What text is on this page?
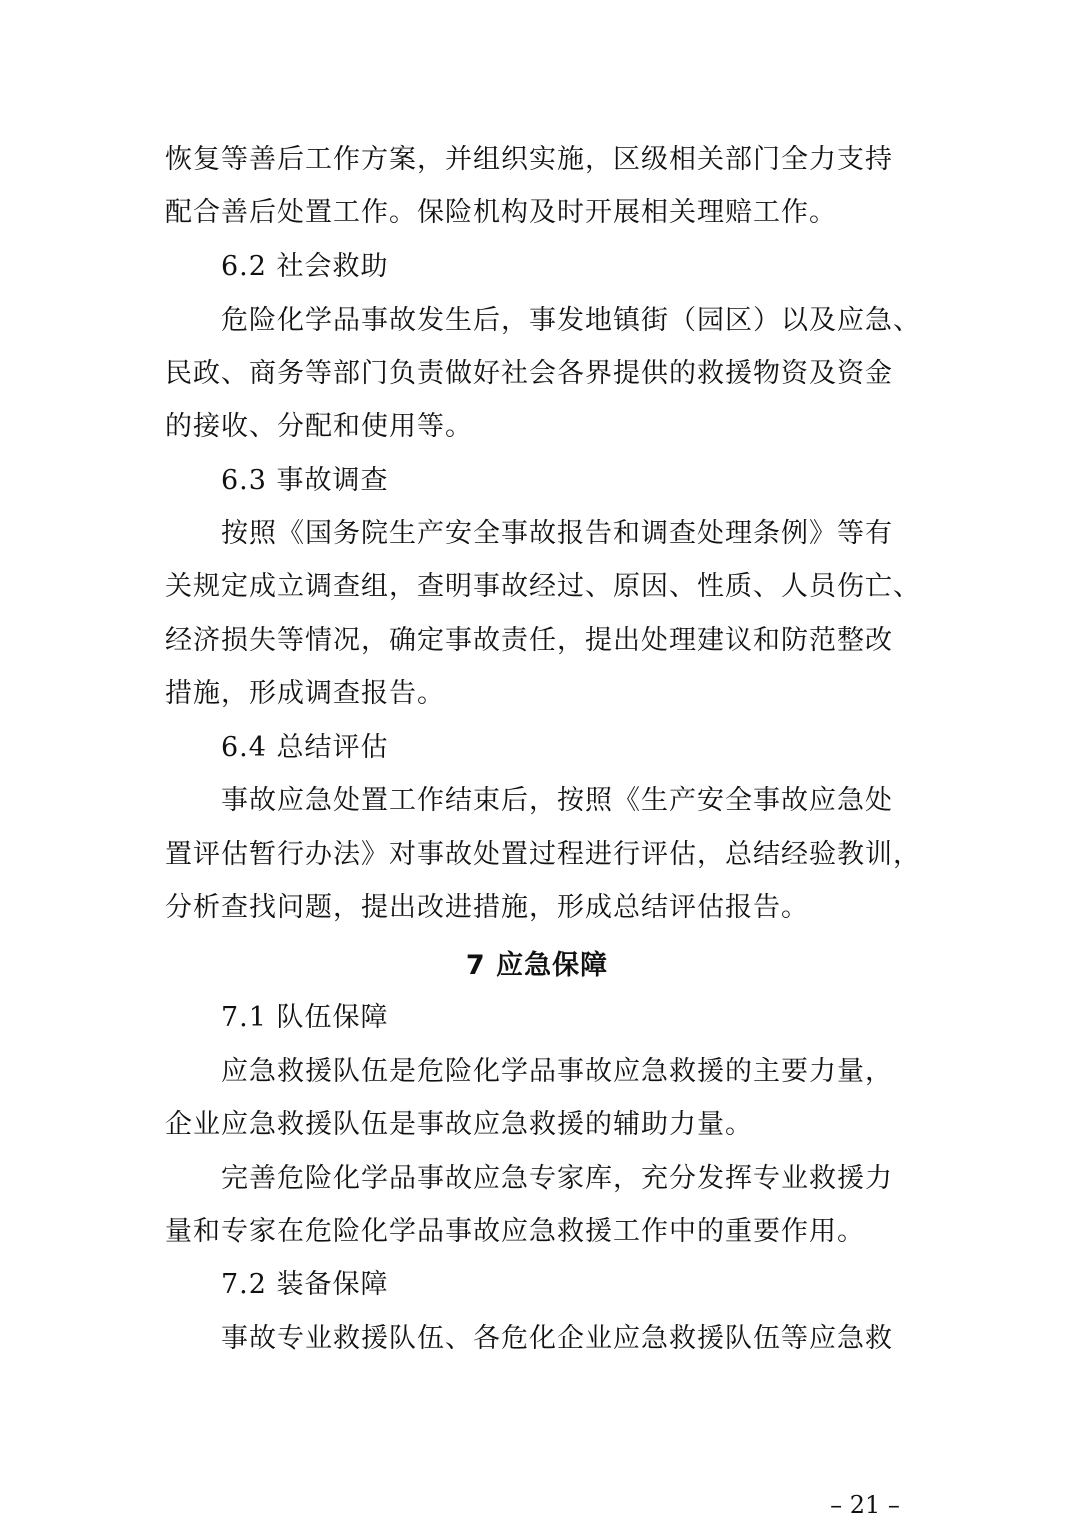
恢复等善后工作方案，并组织实施，区级相关部门全力支持
配合善后处置工作。保险机构及时开展相关理赔工作。
6.2 社会救助
危险化学品事故发生后，事发地镇街（园区）以及应急、
民政、商务等部门负责做好社会各界提供的救援物资及资金
的接收、分配和使用等。
6.3 事故调查
按照《国务院生产安全事故报告和调查处理条例》等有
关规定成立调查组，查明事故经过、原因、性质、人员伤亡、
经济损失等情况，确定事故责任，提出处理建议和防范整改
措施，形成调查报告。
6.4 总结评估
事故应急处置工作结束后，按照《生产安全事故应急处
置评估暂行办法》对事故处置过程进行评估，总结经验教训，
分析查找问题，提出改进措施，形成总结评估报告。
7 应急保障
7.1 队伍保障
应急救援队伍是危险化学品事故应急救援的主要力量，
企业应急救援队伍是事故应急救援的辅助力量。
完善危险化学品事故应急专家库，充分发挥专业救援力
量和专家在危险化学品事故应急救援工作中的重要作用。
7.2 装备保障
事故专业救援队伍、各危化企业应急救援队伍等应急救
– 21 –
